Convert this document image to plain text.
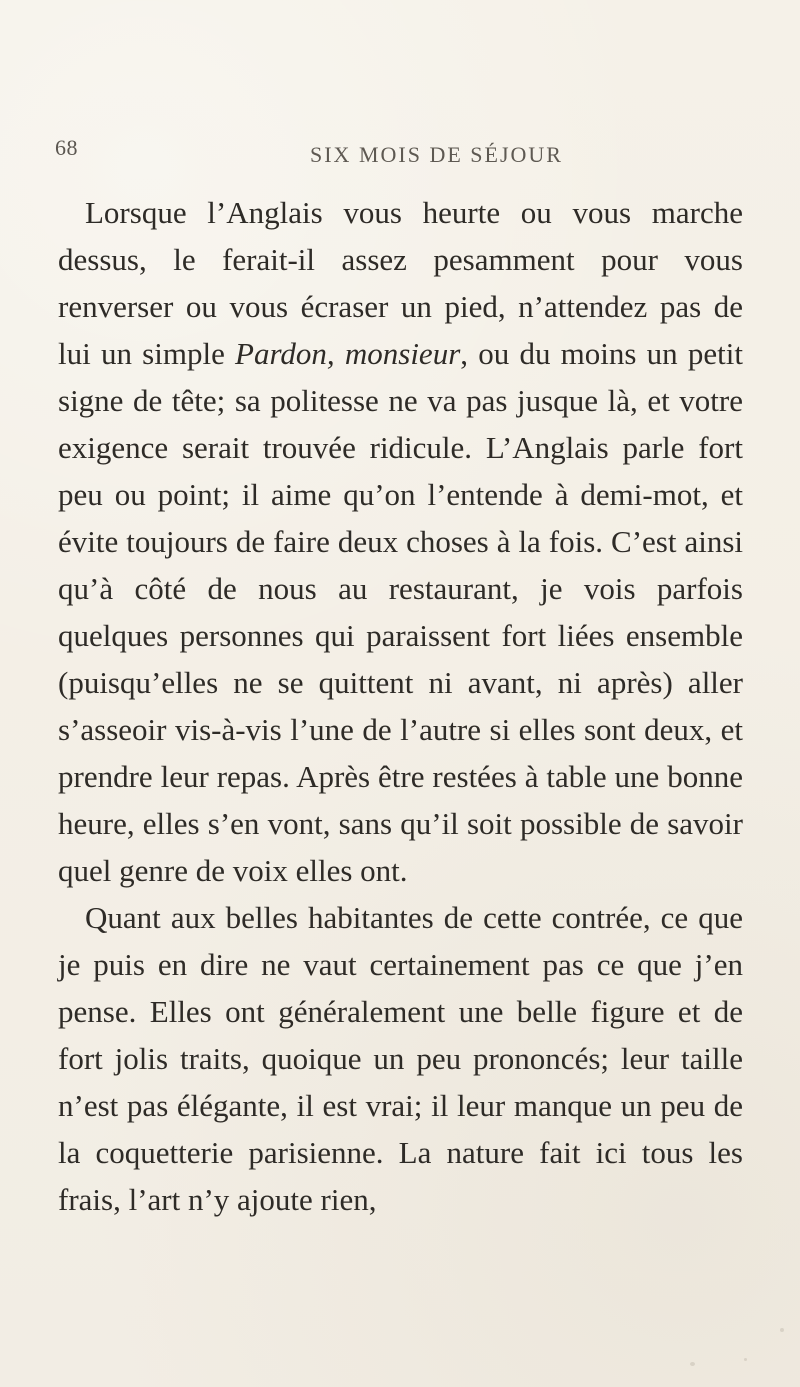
68	SIX MOIS DE SÉJOUR

Lorsque l’Anglais vous heurte ou vous marche dessus, le ferait-il assez pesamment pour vous renverser ou vous écraser un pied, n’attendez pas de lui un simple Pardon, monsieur, ou du moins un petit signe de tête; sa politesse ne va pas jusque là, et votre exigence serait trouvée ridicule. L’Anglais parle fort peu ou point; il aime qu’on l’entende à demi-mot, et évite toujours de faire deux choses à la fois. C’est ainsi qu’à côté de nous au restaurant, je vois parfois quelques personnes qui paraissent fort liées ensemble (puisqu’elles ne se quittent ni avant, ni après) aller s’asseoir vis-à-vis l’une de l’autre si elles sont deux, et prendre leur repas. Après être restées à table une bonne heure, elles s’en vont, sans qu’il soit possible de savoir quel genre de voix elles ont.

Quant aux belles habitantes de cette contrée, ce que je puis en dire ne vaut certainement pas ce que j’en pense. Elles ont généralement une belle figure et de fort jolis traits, quoique un peu prononcés; leur taille n’est pas élégante, il est vrai; il leur manque un peu de la coquetterie parisienne. La nature fait ici tous les frais, l’art n’y ajoute rien,
